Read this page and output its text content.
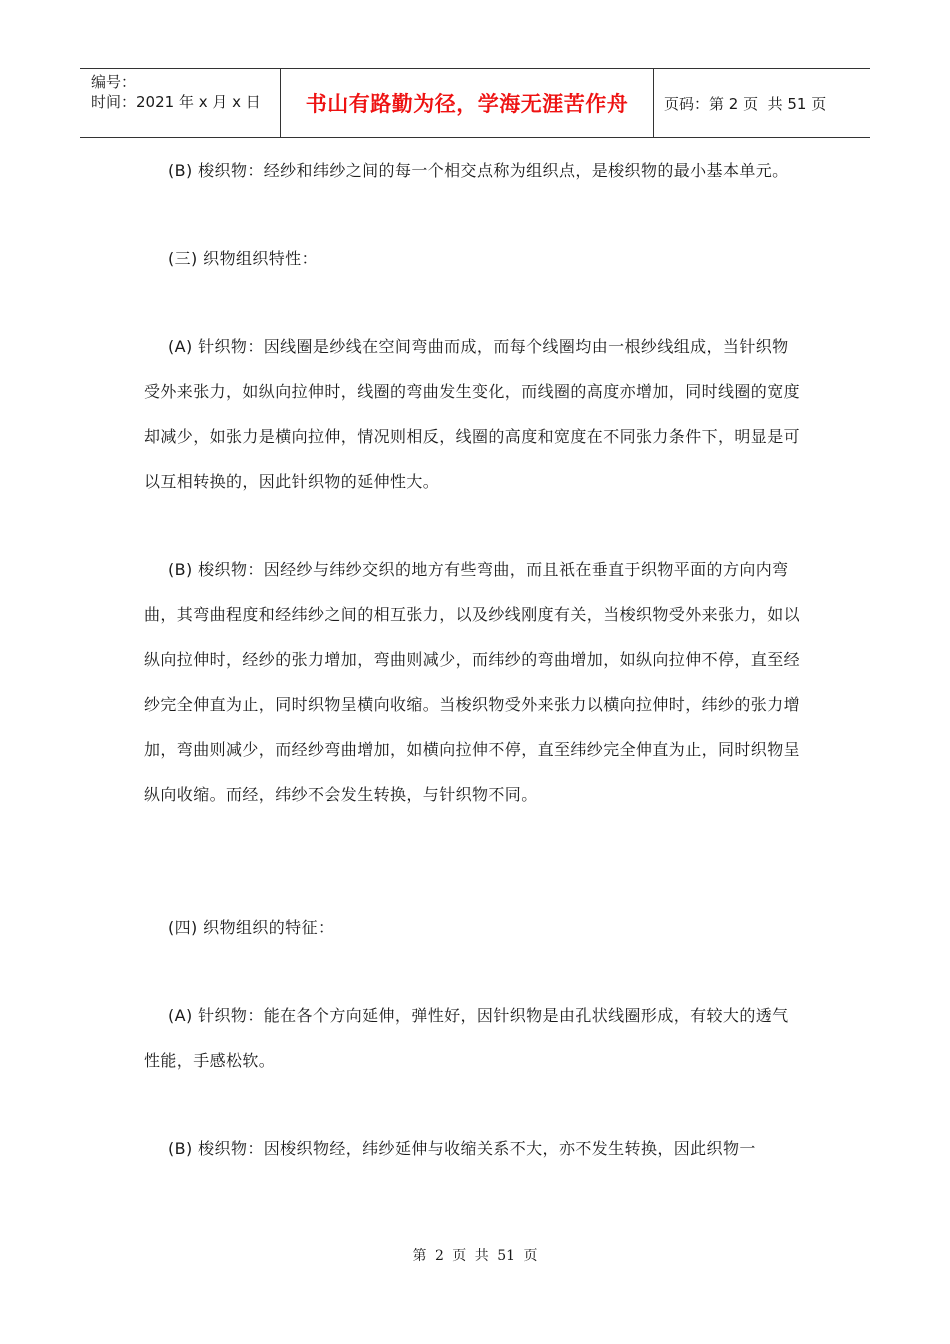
编号：
时间：2021 年 x 月 x 日	书山有路勤为径，学海无涯苦作舟	页码：第 2 页  共 51 页

(B) 梭织物：经纱和纬纱之间的每一个相交点称为组织点，是梭织物的最小基本单元。

(三) 织物组织特性：

(A) 针织物：因线圈是纱线在空间弯曲而成，而每个线圈均由一根纱线组成，当针织物受外来张力，如纵向拉伸时，线圈的弯曲发生变化，而线圈的高度亦增加，同时线圈的宽度却减少，如张力是横向拉伸，情况则相反，线圈的高度和宽度在不同张力条件下，明显是可以互相转换的，因此针织物的延伸性大。

(B) 梭织物：因经纱与纬纱交织的地方有些弯曲，而且祇在垂直于织物平面的方向内弯曲，其弯曲程度和经纬纱之间的相互张力，以及纱线刚度有关，当梭织物受外来张力，如以纵向拉伸时，经纱的张力增加，弯曲则减少，而纬纱的弯曲增加，如纵向拉伸不停，直至经纱完全伸直为止，同时织物呈横向收缩。当梭织物受外来张力以横向拉伸时，纬纱的张力增加，弯曲则减少，而经纱弯曲增加，如横向拉伸不停，直至纬纱完全伸直为止，同时织物呈纵向收缩。而经，纬纱不会发生转换，与针织物不同。

(四) 织物组织的特征：

(A) 针织物：能在各个方向延伸，弹性好，因针织物是由孔状线圈形成，有较大的透气性能，手感松软。

(B) 梭织物：因梭织物经，纬纱延伸与收缩关系不大，亦不发生转换，因此织物一

第 2 页 共 51 页
